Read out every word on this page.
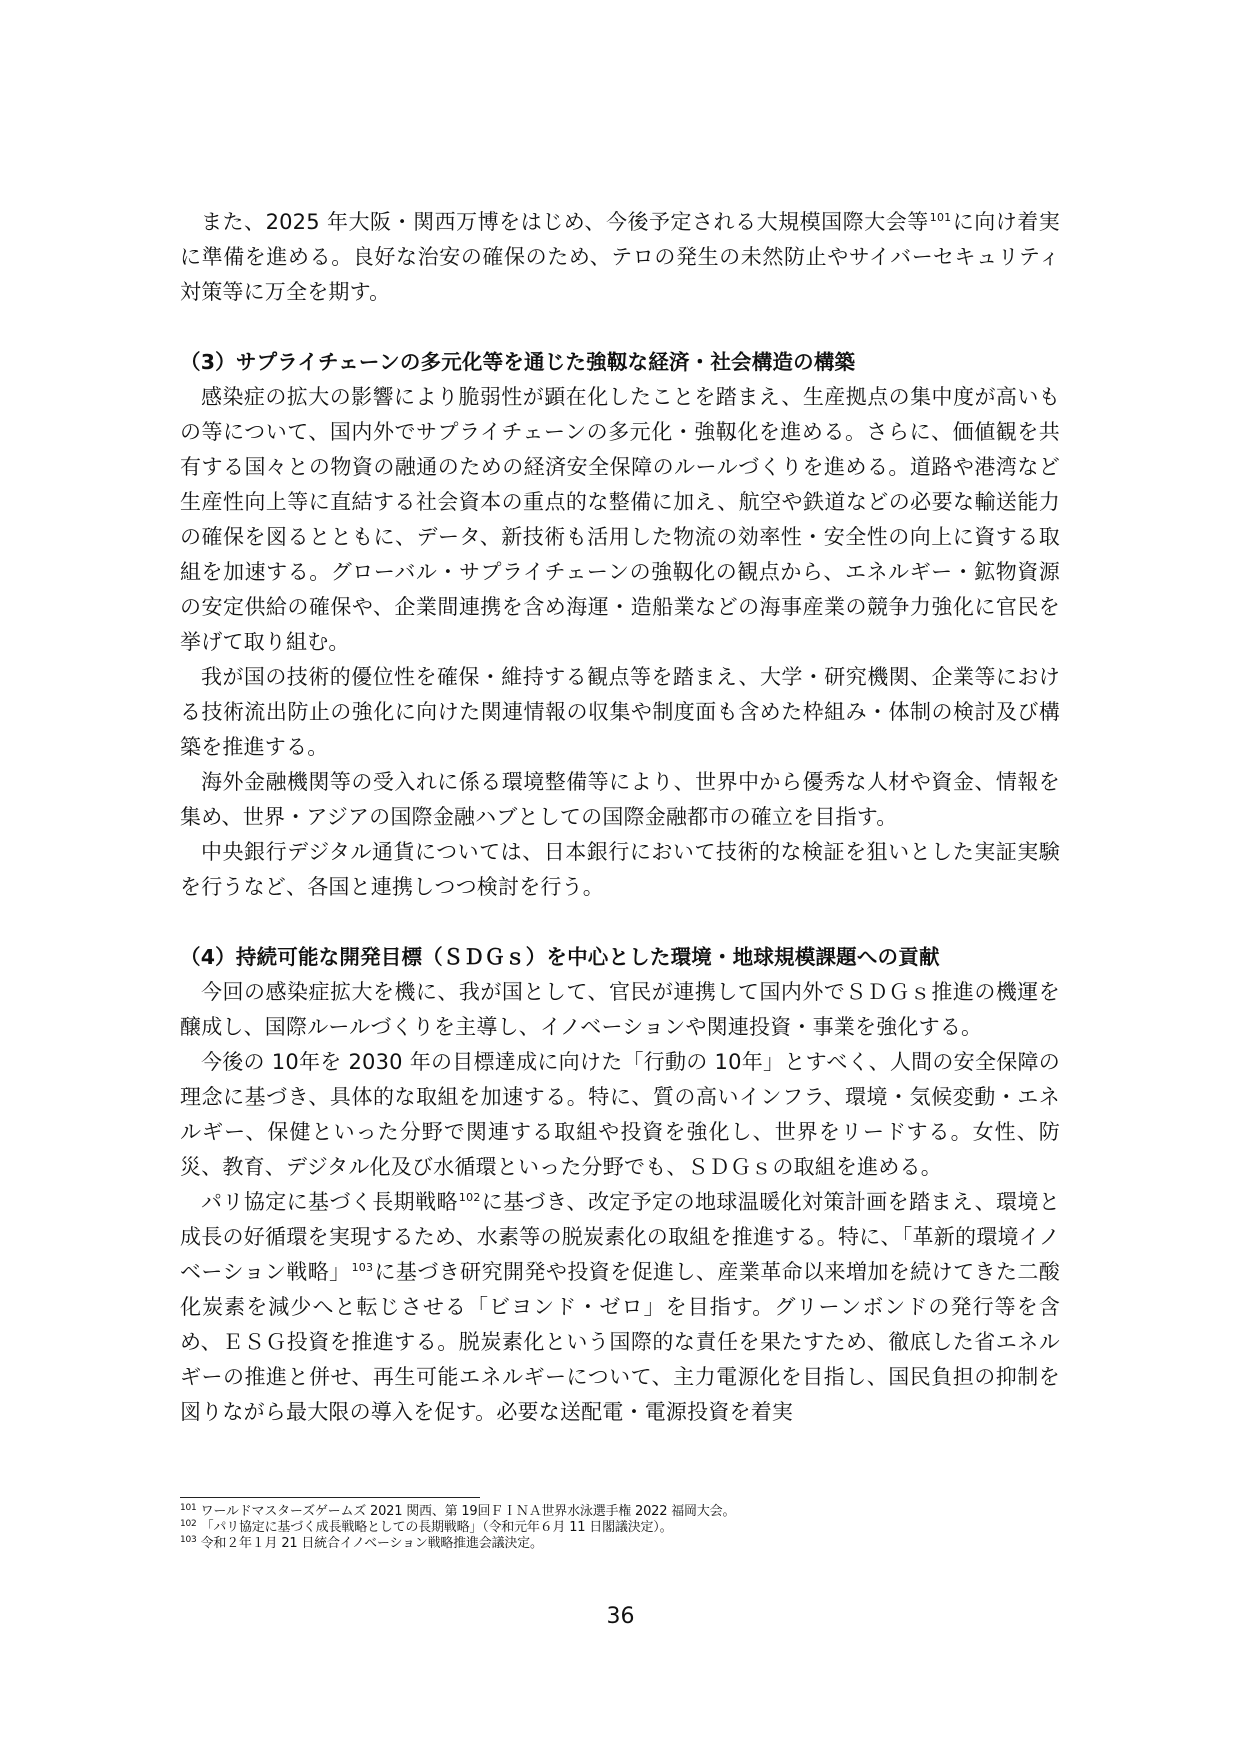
また、2025 年大阪・関西万博をはじめ、今後予定される大規模国際大会等$^{101}$に向け着実に準備を進める。良好な治安の確保のため、テロの発生の未然防止やサイバーセキュリティ対策等に万全を期す。

（3）サプライチェーンの多元化等を通じた強靱な経済・社会構造の構築

感染症の拡大の影響により脆弱性が顕在化したことを踏まえ、生産拠点の集中度が高いもの等について、国内外でサプライチェーンの多元化・強靱化を進める。さらに、価値観を共有する国々との物資の融通のための経済安全保障のルールづくりを進める。道路や港湾など生産性向上等に直結する社会資本の重点的な整備に加え、航空や鉄道などの必要な輸送能力の確保を図るとともに、データ、新技術も活用した物流の効率性・安全性の向上に資する取組を加速する。グローバル・サプライチェーンの強靱化の観点から、エネルギー・鉱物資源の安定供給の確保や、企業間連携を含め海運・造船業などの海事産業の競争力強化に官民を挙げて取り組む。

我が国の技術的優位性を確保・維持する観点等を踏まえ、大学・研究機関、企業等における技術流出防止の強化に向けた関連情報の収集や制度面も含めた枠組み・体制の検討及び構築を推進する。

海外金融機関等の受入れに係る環境整備等により、世界中から優秀な人材や資金、情報を集め、世界・アジアの国際金融ハブとしての国際金融都市の確立を目指す。

中央銀行デジタル通貨については、日本銀行において技術的な検証を狙いとした実証実験を行うなど、各国と連携しつつ検討を行う。

（4）持続可能な開発目標（ＳＤＧｓ）を中心とした環境・地球規模課題への貢献

今回の感染症拡大を機に、我が国として、官民が連携して国内外でＳＤＧｓ推進の機運を醸成し、国際ルールづくりを主導し、イノベーションや関連投資・事業を強化する。

今後の 10年を 2030 年の目標達成に向けた「行動の 10年」とすべく、人間の安全保障の理念に基づき、具体的な取組を加速する。特に、質の高いインフラ、環境・気候変動・エネルギー、保健といった分野で関連する取組や投資を強化し、世界をリードする。女性、防災、教育、デジタル化及び水循環といった分野でも、ＳＤＧｓの取組を進める。

パリ協定に基づく長期戦略$^{102}$に基づき、改定予定の地球温暖化対策計画を踏まえ、環境と成長の好循環を実現するため、水素等の脱炭素化の取組を推進する。特に、「革新的環境イノベーション戦略」$^{103}$に基づき研究開発や投資を促進し、産業革命以来増加を続けてきた二酸化炭素を減少へと転じさせる「ビヨンド・ゼロ」を目指す。グリーンボンドの発行等を含め、ＥＳＧ投資を推進する。脱炭素化という国際的な責任を果たすため、徹底した省エネルギーの推進と併せ、再生可能エネルギーについて、主力電源化を目指し、国民負担の抑制を図りながら最大限の導入を促す。必要な送配電・電源投資を着実

$^{101}$ ワールドマスターズゲームズ 2021 関西、第 19回ＦＩＮＡ世界水泳選手権 2022 福岡大会。

$^{102}$ 「パリ協定に基づく成長戦略としての長期戦略」（令和元年６月 11 日閣議決定）。

$^{103}$ 令和２年１月 21 日統合イノベーション戦略推進会議決定。

36
